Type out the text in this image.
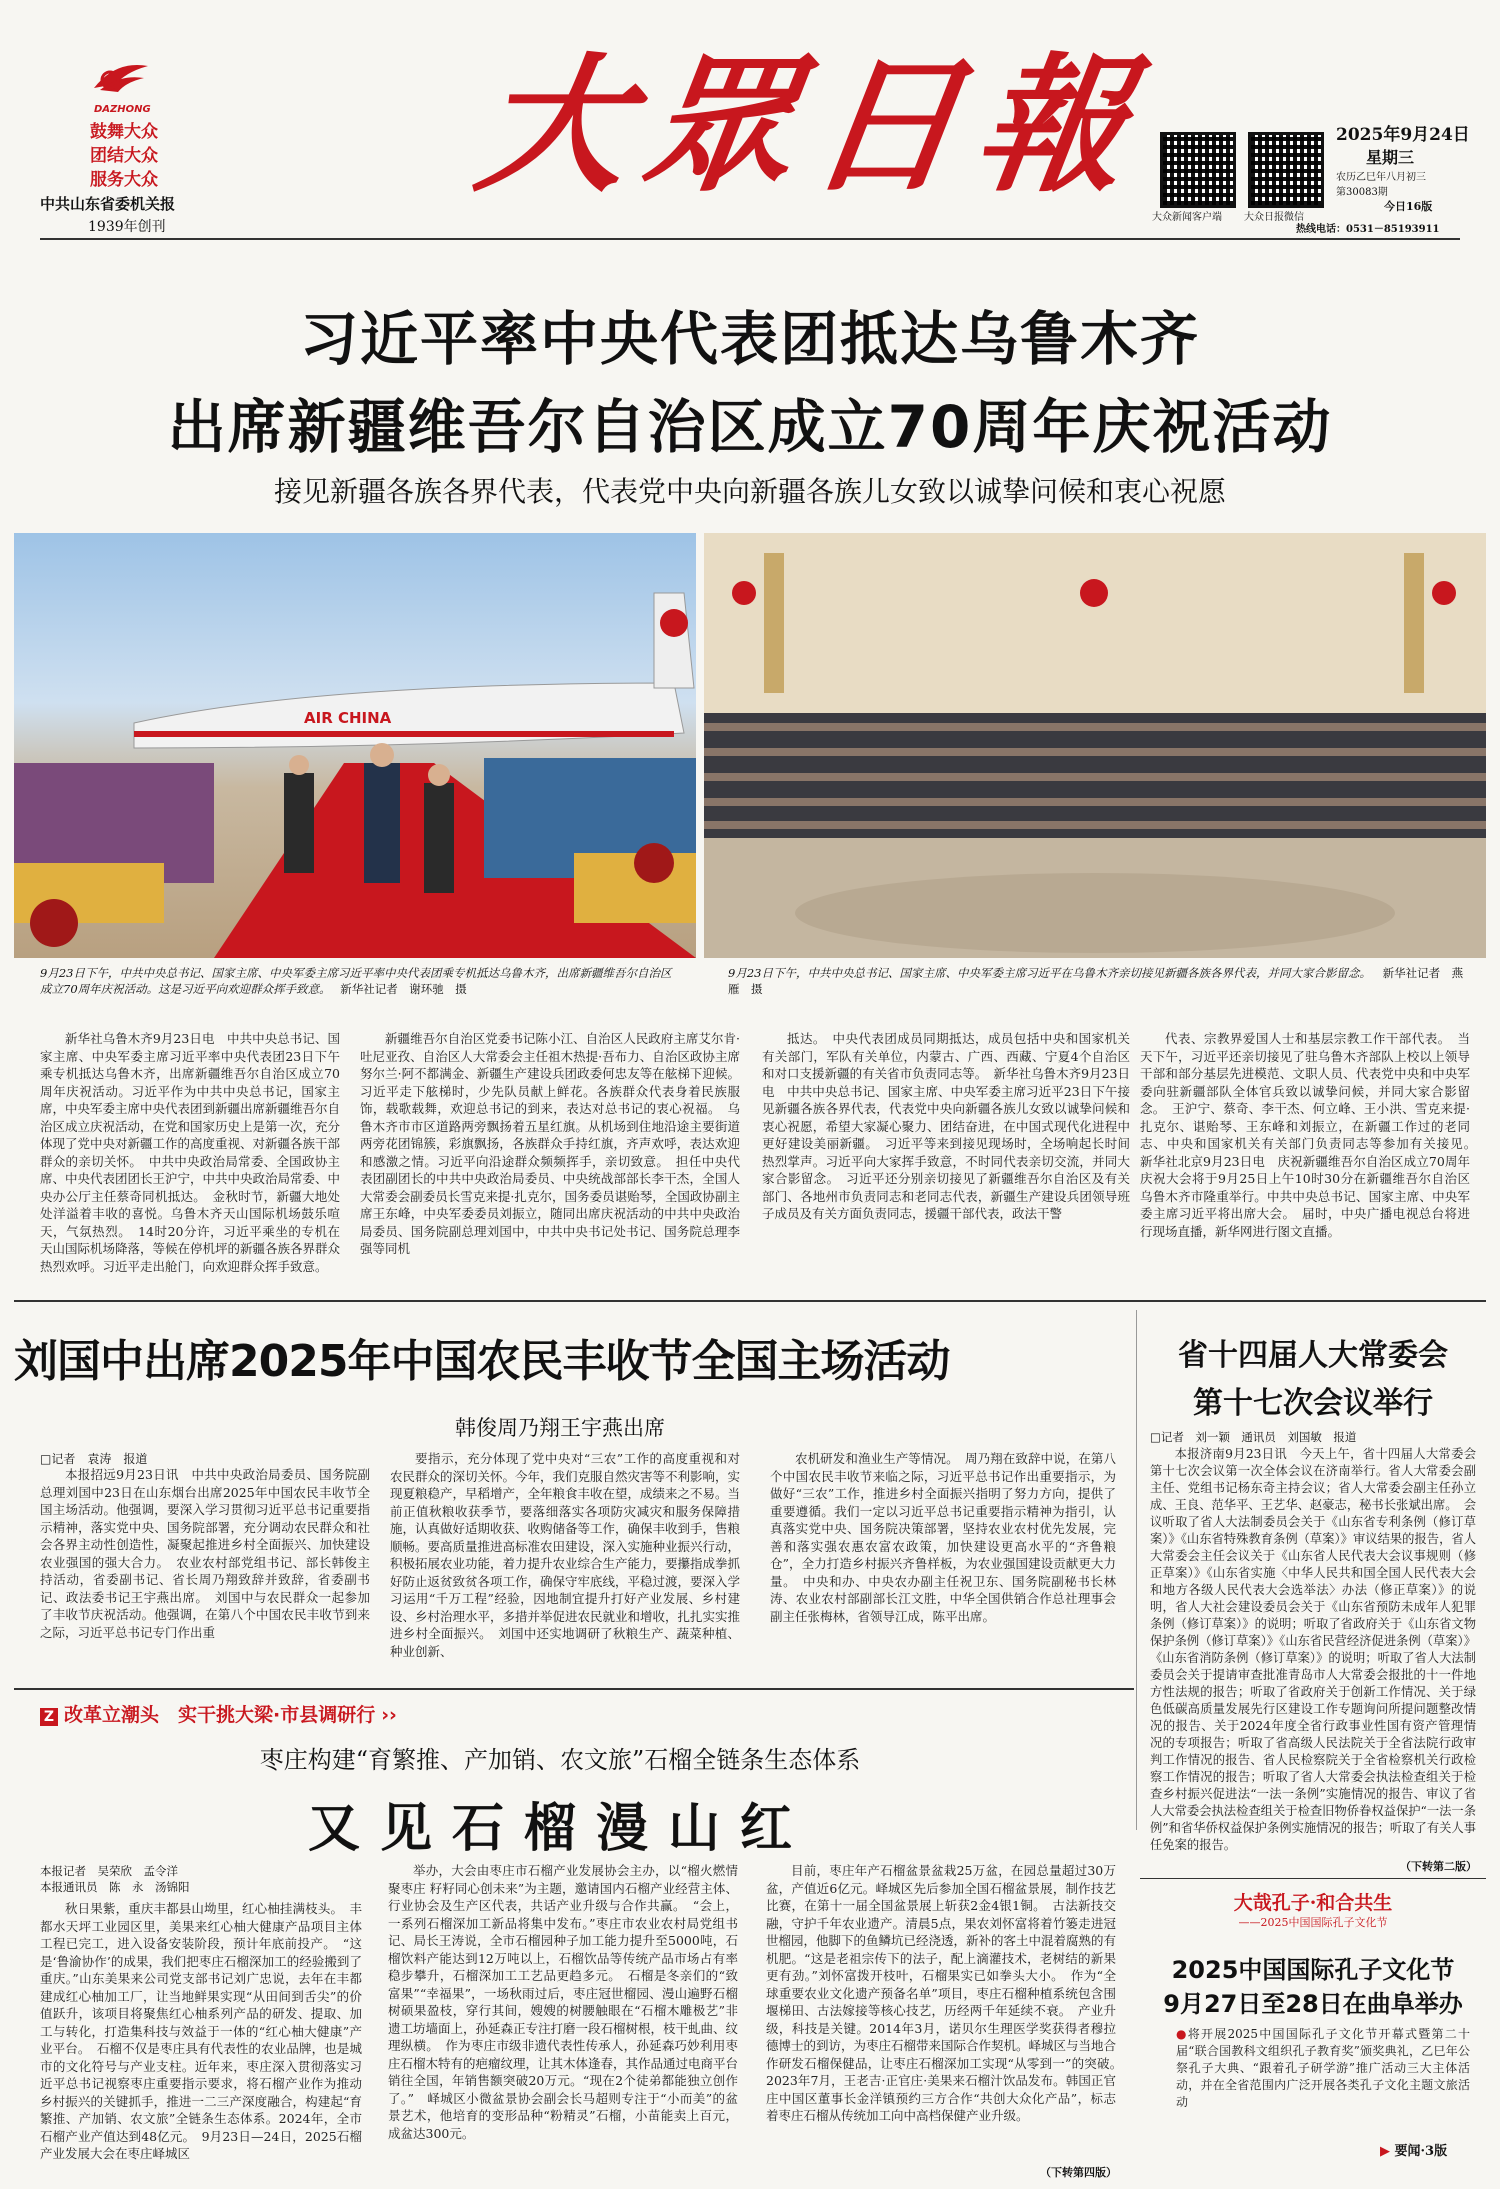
DAZHONG
鼓舞大众
团结大众
服务大众
中共山东省委机关报
1939年创刊
大眾日報
大众新闻客户端 大众日报微信
2025年9月24日
星期三
农历乙巳年八月初三
第30083期
今日16版
热线电话：0531－85193911
习近平率中央代表团抵达乌鲁木齐
出席新疆维吾尔自治区成立70周年庆祝活动
接见新疆各族各界代表，代表党中央向新疆各族儿女致以诚挚问候和衷心祝愿
AIR CHINA
9月23日下午，中共中央总书记、国家主席、中央军委主席习近平率中央代表团乘专机抵达乌鲁木齐，出席新疆维吾尔自治区成立70周年庆祝活动。这是习近平向欢迎群众挥手致意。 新华社记者　谢环驰　摄
9月23日下午，中共中央总书记、国家主席、中央军委主席习近平在乌鲁木齐亲切接见新疆各族各界代表，并同大家合影留念。 新华社记者　燕雁　摄

新华社乌鲁木齐9月23日电　中共中央总书记、国家主席、中央军委主席习近平率中央代表团23日下午乘专机抵达乌鲁木齐，出席新疆维吾尔自治区成立70周年庆祝活动。习近平作为中共中央总书记，国家主席，中央军委主席中央代表团到新疆出席新疆维吾尔自治区成立庆祝活动，在党和国家历史上是第一次，充分体现了党中央对新疆工作的高度重视、对新疆各族干部群众的亲切关怀。　中共中央政治局常委、全国政协主席、中央代表团团长王沪宁，中共中央政治局常委、中央办公厅主任蔡奇同机抵达。　金秋时节，新疆大地处处洋溢着丰收的喜悦。乌鲁木齐天山国际机场鼓乐喧天，气氛热烈。　14时20分许，习近平乘坐的专机在天山国际机场降落，等候在停机坪的新疆各族各界群众热烈欢呼。习近平走出舱门，向欢迎群众挥手致意。

新疆维吾尔自治区党委书记陈小江、自治区人民政府主席艾尔肯·吐尼亚孜、自治区人大常委会主任祖木热提·吾布力、自治区政协主席努尔兰·阿不都满金、新疆生产建设兵团政委何忠友等在舷梯下迎候。习近平走下舷梯时，少先队员献上鲜花。各族群众代表身着民族服饰，载歌载舞，欢迎总书记的到来，表达对总书记的衷心祝福。　乌鲁木齐市市区道路两旁飘扬着五星红旗。从机场到住地沿途主要街道两旁花团锦簇，彩旗飘扬，各族群众手持红旗，齐声欢呼，表达欢迎和感激之情。习近平向沿途群众频频挥手，亲切致意。　担任中央代表团副团长的中共中央政治局委员、中央统战部部长李干杰，全国人大常委会副委员长雪克来提·扎克尔，国务委员谌贻琴，全国政协副主席王东峰，中央军委委员刘振立，随同出席庆祝活动的中共中央政治局委员、国务院副总理刘国中，中共中央书记处书记、国务院总理李强等同机

抵达。　中央代表团成员同期抵达，成员包括中央和国家机关有关部门，军队有关单位，内蒙古、广西、西藏、宁夏4个自治区和对口支援新疆的有关省市负责同志等。　新华社乌鲁木齐9月23日电　中共中央总书记、国家主席、中央军委主席习近平23日下午接见新疆各族各界代表，代表党中央向新疆各族儿女致以诚挚问候和衷心祝愿，希望大家凝心聚力、团结奋进，在中国式现代化进程中更好建设美丽新疆。　习近平等来到接见现场时，全场响起长时间热烈掌声。习近平向大家挥手致意，不时同代表亲切交流，并同大家合影留念。　习近平还分别亲切接见了新疆维吾尔自治区及有关部门、各地州市负责同志和老同志代表，新疆生产建设兵团领导班子成员及有关方面负责同志，援疆干部代表，政法干警

代表、宗教界爱国人士和基层宗教工作干部代表。　当天下午，习近平还亲切接见了驻乌鲁木齐部队上校以上领导干部和部分基层先进模范、文职人员、代表党中央和中央军委向驻新疆部队全体官兵致以诚挚问候，并同大家合影留念。　王沪宁、蔡奇、李干杰、何立峰、王小洪、雪克来提·扎克尔、谌贻琴、王东峰和刘振立，在新疆工作过的老同志、中央和国家机关有关部门负责同志等参加有关接见。　新华社北京9月23日电　庆祝新疆维吾尔自治区成立70周年庆祝大会将于9月25日上午10时30分在新疆维吾尔自治区乌鲁木齐市隆重举行。中共中央总书记、国家主席、中央军委主席习近平将出席大会。　届时，中央广播电视总台将进行现场直播，新华网进行图文直播。

刘国中出席2025年中国农民丰收节全国主场活动
韩俊周乃翔王宇燕出席
□记者　袁涛　报道

本报招远9月23日讯　中共中央政治局委员、国务院副总理刘国中23日在山东烟台出席2025年中国农民丰收节全国主场活动。他强调，要深入学习贯彻习近平总书记重要指示精神，落实党中央、国务院部署，充分调动农民群众和社会各界主动性创造性，凝聚起推进乡村全面振兴、加快建设农业强国的强大合力。　农业农村部党组书记、部长韩俊主持活动，省委副书记、省长周乃翔致辞并致辞，省委副书记、政法委书记王宇燕出席。　刘国中与农民群众一起参加了丰收节庆祝活动。他强调，在第八个中国农民丰收节到来之际，习近平总书记专门作出重

要指示，充分体现了党中央对“三农”工作的高度重视和对农民群众的深切关怀。今年，我们克服自然灾害等不利影响，实现夏粮稳产，早稻增产，全年粮食丰收在望，成绩来之不易。当前正值秋粮收获季节，要落细落实各项防灾减灾和服务保障措施，认真做好适期收获、收购储备等工作，确保丰收到手，售粮顺畅。要高质量推进高标准农田建设，深入实施种业振兴行动，积极拓展农业功能，着力提升农业综合生产能力，要攥指成拳抓好防止返贫致贫各项工作，确保守牢底线，平稳过渡，要深入学习运用“千万工程”经验，因地制宜提升打好产业发展、乡村建设、乡村治理水平，多措并举促进农民就业和增收，扎扎实实推进乡村全面振兴。　刘国中还实地调研了秋粮生产、蔬菜种植、种业创新、

农机研发和渔业生产等情况。　周乃翔在致辞中说，在第八个中国农民丰收节来临之际，习近平总书记作出重要指示，为做好“三农”工作，推进乡村全面振兴指明了努力方向，提供了重要遵循。我们一定以习近平总书记重要指示精神为指引，认真落实党中央、国务院决策部署，坚持农业农村优先发展，完善和落实强农惠农富农政策，加快建设更高水平的“齐鲁粮仓”，全力打造乡村振兴齐鲁样板，为农业强国建设贡献更大力量。　中央和办、中央农办副主任祝卫东、国务院副秘书长林涛、农业农村部副部长江文胜，中华全国供销合作总社理事会副主任张梅林，省领导江成，陈平出席。

省十四届人大常委会
第十七次会议举行
□记者　刘一颖　通讯员　刘国敏　报道

本报济南9月23日讯　今天上午，省十四届人大常委会第十七次会议第一次全体会议在济南举行。省人大常委会副主任、党组书记杨东奇主持会议；省人大常委会副主任孙立成、王良、范华平、王艺华、赵豪志，秘书长张斌出席。　会议听取了省人大法制委员会关于《山东省专利条例（修订草案）》《山东省特殊教育条例（草案）》审议结果的报告，省人大常委会主任会议关于《山东省人民代表大会议事规则（修正草案）》《山东省实施〈中华人民共和国全国人民代表大会和地方各级人民代表大会选举法〉办法（修正草案）》的说明，省人大社会建设委员会关于《山东省预防未成年人犯罪条例（修订草案）》的说明；听取了省政府关于《山东省文物保护条例（修订草案）》《山东省民营经济促进条例（草案）》《山东省消防条例（修订草案）》的说明；听取了省人大法制委员会关于提请审查批准青岛市人大常委会报批的十一件地方性法规的报告；听取了省政府关于创新工作情况、关于绿色低碳高质量发展先行区建设工作专题询问所提问题整改情况的报告、关于2024年度全省行政事业性国有资产管理情况的专项报告；听取了省高级人民法院关于全省法院行政审判工作情况的报告、省人民检察院关于全省检察机关行政检察工作情况的报告；听取了省人大常委会执法检查组关于检查乡村振兴促进法“一法一条例”实施情况的报告、审议了省人大常委会执法检查组关于检查旧物侨眷权益保护“一法一条例”和省华侨权益保护条例实施情况的报告；听取了有关人事任免案的报告。

（下转第二版）
Z 改革立潮头　实干挑大梁·市县调研行 ››
枣庄构建“育繁推、产加销、农文旅”石榴全链条生态体系
又见石榴漫山红
本报记者　吴荣欣　孟令洋
本报通讯员　陈　永　汤锦阳

秋日果紫，重庆丰都县山坳里，红心柚挂满枝头。　丰都水天坪工业园区里，美果来红心柚大健康产品项目主体工程已完工，进入设备安装阶段，预计年底前投产。　“这是‘鲁渝协作’的成果，我们把枣庄石榴深加工的经验搬到了重庆。”山东美果来公司党支部书记刘广忠说，去年在丰都建成红心柚加工厂，让当地鲜果实现“从田间到舌尖”的价值跃升，该项目将聚焦红心柚系列产品的研发、提取、加工与转化，打造集科技与效益于一体的“红心柚大健康”产业平台。　石榴不仅是枣庄具有代表性的农业品牌，也是城市的文化符号与产业支柱。近年来，枣庄深入贯彻落实习近平总书记视察枣庄重要指示要求，将石榴产业作为推动乡村振兴的关键抓手，推进一二三产深度融合，构建起“育繁推、产加销、农文旅”全链条生态体系。2024年，全市石榴产业产值达到48亿元。　9月23日—24日，2025石榴产业发展大会在枣庄峄城区

举办，大会由枣庄市石榴产业发展协会主办，以“榴火燃情聚枣庄 籽籽同心创未来”为主题，邀请国内石榴产业经营主体、行业协会及生产区代表，共话产业升级与合作共赢。　“会上，一系列石榴深加工新品将集中发布。”枣庄市农业农村局党组书记、局长王涛说，全市石榴园种子加工能力提升至5000吨，石榴饮料产能达到12万吨以上，石榴饮品等传统产品市场占有率稳步攀升，石榴深加工工艺品更趋多元。　石榴是冬亲们的“致富果”“幸福果”，一场秋雨过后，枣庄冠世榴园、漫山遍野石榴树硕果盈枝，穿行其间，嫂嫂的树腰触眼在“石榴木雕极艺”非遗工坊墙面上，孙延森正专注打磨一段石榴树根，枝干虬曲、纹理纵横。　作为枣庄市级非遗代表性传承人，孙延森巧妙利用枣庄石榴木特有的疤瘤纹理，让其木体逢春，其作品通过电商平台销往全国，年销售额突破20万元。“现在2个徒弟都能独立创作了。”　峄城区小微盆景协会副会长马超则专注于“小而美”的盆景艺术，他培育的变形品种“粉精灵”石榴，小苗能卖上百元，成盆达300元。

目前，枣庄年产石榴盆景盆栽25万盆，在园总量超过30万盆，产值近6亿元。峄城区先后参加全国石榴盆景展，制作技艺比赛，在第十一届全国盆景展上斩获2金4银1铜。　古法新技交融，守护千年农业遗产。清晨5点，果农刘怀富将着竹篓走进冠世榴园，他脚下的鱼鳞坑已经浇透，新补的客土中混着腐熟的有机肥。“这是老祖宗传下的法子，配上滴灌技术，老树结的新果更有劲。”刘怀富拨开枝叶，石榴果实已如拳头大小。　作为“全球重要农业文化遗产预备名单”项目，枣庄石榴种植系统包含围堰梯田、古法嫁接等核心技艺，历经两千年延续不衰。　产业升级，科技是关键。2014年3月，诺贝尔生理医学奖获得者穆拉德博士的到访，为枣庄石榴带来国际合作契机。峄城区与当地合作研发石榴保健品，让枣庄石榴深加工实现“从零到一”的突破。　2023年7月，王老吉·正官庄·美果来石榴汁饮品发布。韩国正官庄中国区董事长金洋镇预约三方合作“共创大众化产品”，标志着枣庄石榴从传统加工向中高档保健产业升级。

（下转第四版）
大哉孔子·和合共生
——2025中国国际孔子文化节
2025中国国际孔子文化节
9月27日至28日在曲阜举办
●将开展2025中国国际孔子文化节开幕式暨第二十届“联合国教科文组织孔子教育奖”颁奖典礼，乙巳年公祭孔子大典、“跟着孔子研学游”推广活动三大主体活动，并在全省范围内广泛开展各类孔子文化主题文旅活动
▶ 要闻·3版
